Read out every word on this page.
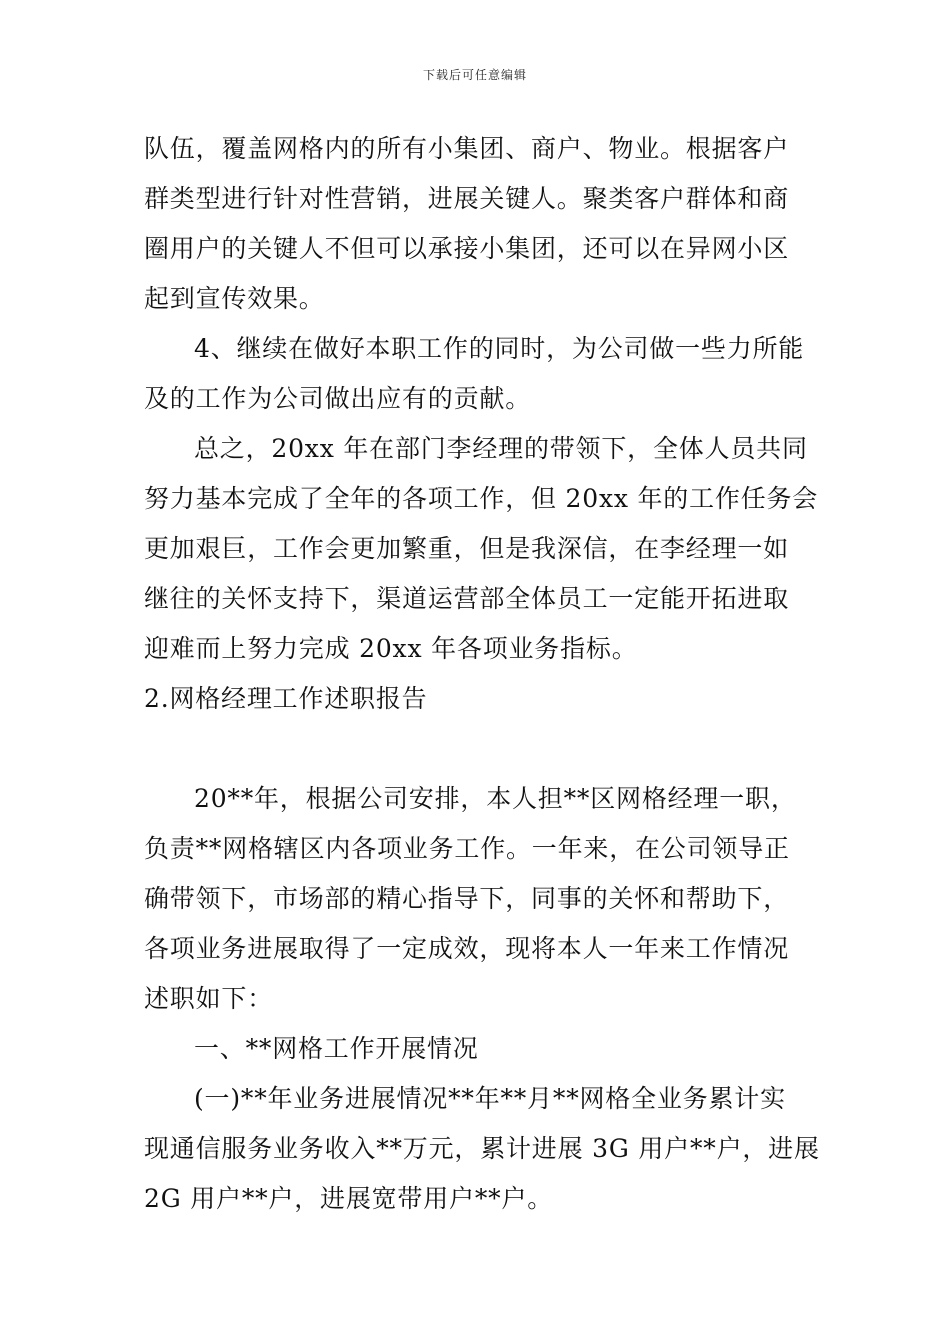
下载后可任意编辑
队伍，覆盖网格内的所有小集团、商户、物业。根据客户
群类型进行针对性营销，进展关键人。聚类客户群体和商
圈用户的关键人不但可以承接小集团，还可以在异网小区
起到宣传效果。
4、继续在做好本职工作的同时，为公司做一些力所能
及的工作为公司做出应有的贡献。
总之，20xx 年在部门李经理的带领下，全体人员共同
努力基本完成了全年的各项工作，但 20xx 年的工作任务会
更加艰巨，工作会更加繁重，但是我深信，在李经理一如
继往的关怀支持下，渠道运营部全体员工一定能开拓进取
迎难而上努力完成 20xx 年各项业务指标。
2.网格经理工作述职报告
20**年，根据公司安排，本人担**区网格经理一职，
负责**网格辖区内各项业务工作。一年来，在公司领导正
确带领下，市场部的精心指导下，同事的关怀和帮助下，
各项业务进展取得了一定成效，现将本人一年来工作情况
述职如下：
一、**网格工作开展情况
(一)**年业务进展情况**年**月**网格全业务累计实
现通信服务业务收入**万元，累计进展 3G 用户**户，进展
2G 用户**户，进展宽带用户**户。
